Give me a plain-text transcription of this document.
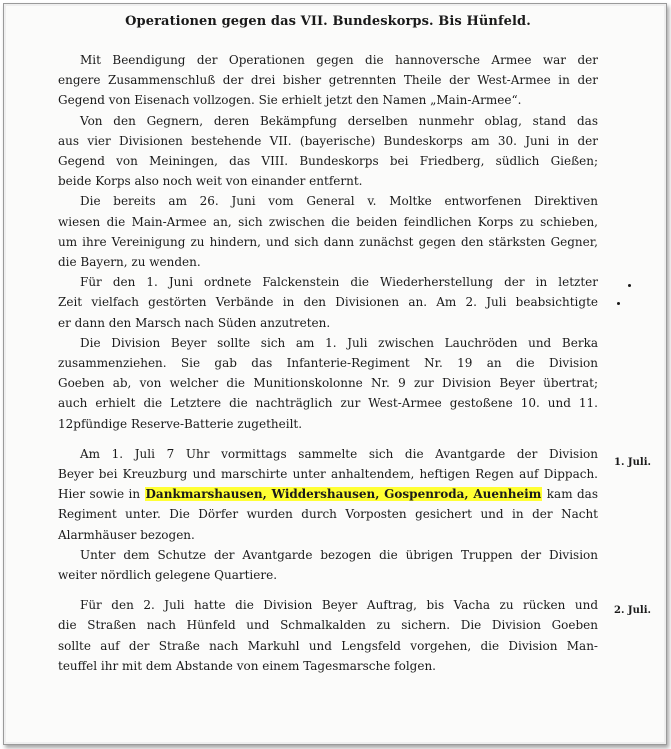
Operationen gegen das VII. Bundeskorps. Bis Hünfeld.

Mit Beendigung der Operationen gegen die hannoversche Armee war der
engere Zusammenschluß der drei bisher getrennten Theile der West-Armee in der
Gegend von Eisenach vollzogen. Sie erhielt jetzt den Namen „Main-Armee“.

Von den Gegnern, deren Bekämpfung derselben nunmehr oblag, stand das
aus vier Divisionen bestehende VII. (bayerische) Bundeskorps am 30. Juni in der
Gegend von Meiningen, das VIII. Bundeskorps bei Friedberg, südlich Gießen;
beide Korps also noch weit von einander entfernt.

Die bereits am 26. Juni vom General v. Moltke entworfenen Direktiven
wiesen die Main-Armee an, sich zwischen die beiden feindlichen Korps zu schieben,
um ihre Vereinigung zu hindern, und sich dann zunächst gegen den stärksten Gegner,
die Bayern, zu wenden.

Für den 1. Juni ordnete Falckenstein die Wiederherstellung der in letzter
Zeit vielfach gestörten Verbände in den Divisionen an. Am 2. Juli beabsichtigte
er dann den Marsch nach Süden anzutreten.

Die Division Beyer sollte sich am 1. Juli zwischen Lauchröden und Berka
zusammenziehen. Sie gab das Infanterie-Regiment Nr. 19 an die Division
Goeben ab, von welcher die Munitionskolonne Nr. 9 zur Division Beyer übertrat;
auch erhielt die Letztere die nachträglich zur West-Armee gestoßene 10. und 11.
12pfündige Reserve-Batterie zugetheilt.

Am 1. Juli 7 Uhr vormittags sammelte sich die Avantgarde der Division
Beyer bei Kreuzburg und marschirte unter anhaltendem, heftigen Regen auf Dippach.
Hier sowie in Dankmarshausen, Widdershausen, Gospenroda, Auenheim kam das
Regiment unter. Die Dörfer wurden durch Vorposten gesichert und in der Nacht
Alarmhäuser bezogen.

Unter dem Schutze der Avantgarde bezogen die übrigen Truppen der Division
weiter nördlich gelegene Quartiere.

Für den 2. Juli hatte die Division Beyer Auftrag, bis Vacha zu rücken und
die Straßen nach Hünfeld und Schmalkalden zu sichern. Die Division Goeben
sollte auf der Straße nach Markuhl und Lengsfeld vorgehen, die Division Man-
teuffel ihr mit dem Abstande von einem Tagesmarsche folgen.

1. Juli.
2. Juli.
